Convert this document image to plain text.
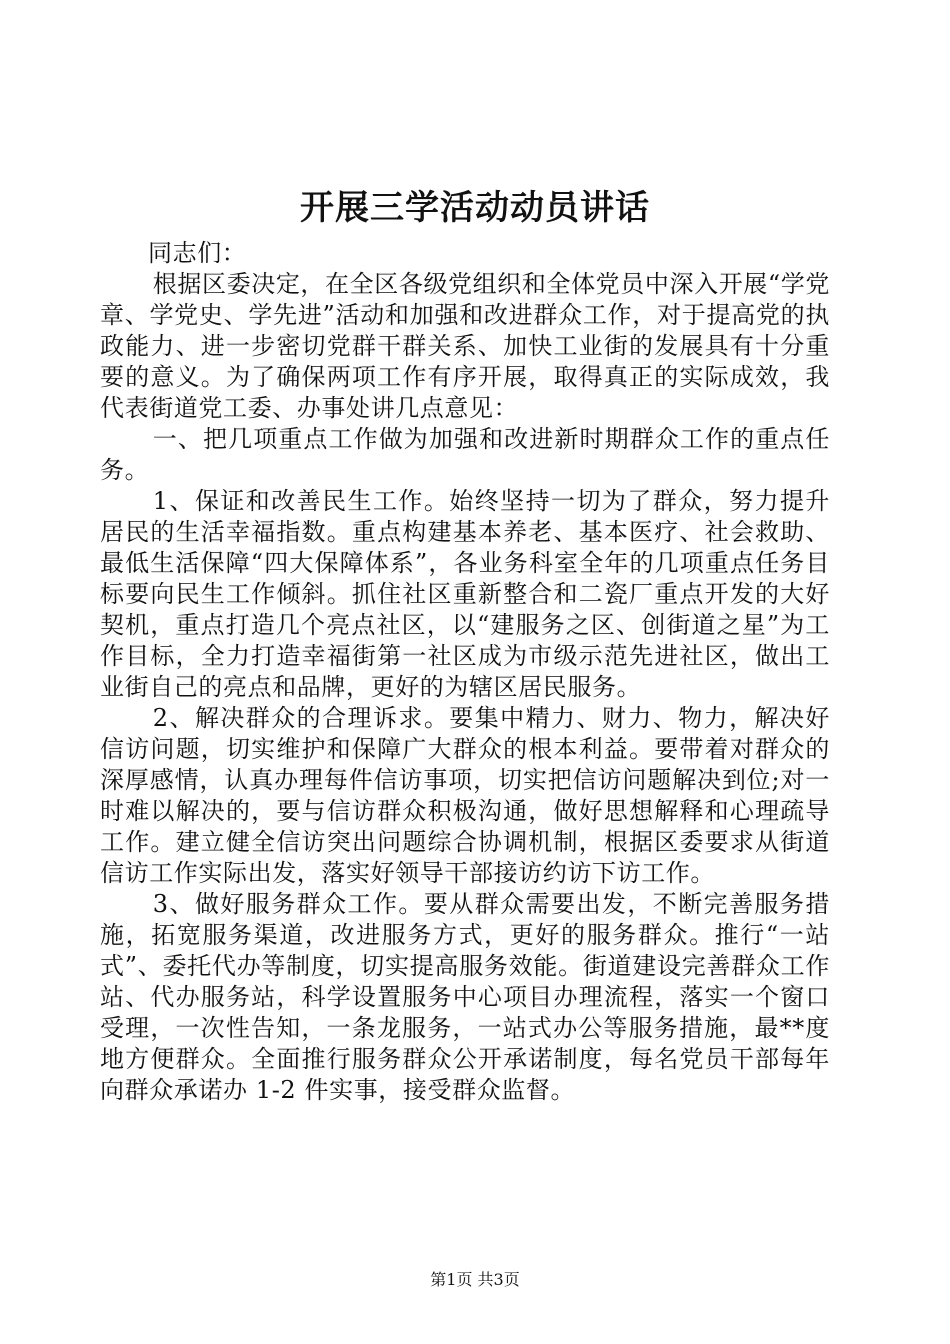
开展三学活动动员讲话

同志们：

根据区委决定，在全区各级党组织和全体党员中深入开展“学党章、学党史、学先进”活动和加强和改进群众工作，对于提高党的执政能力、进一步密切党群干群关系、加快工业街的发展具有十分重要的意义。为了确保两项工作有序开展，取得真正的实际成效，我代表街道党工委、办事处讲几点意见：

一、把几项重点工作做为加强和改进新时期群众工作的重点任务。

1、保证和改善民生工作。始终坚持一切为了群众，努力提升居民的生活幸福指数。重点构建基本养老、基本医疗、社会救助、最低生活保障“四大保障体系”，各业务科室全年的几项重点任务目标要向民生工作倾斜。抓住社区重新整合和二瓷厂重点开发的大好契机，重点打造几个亮点社区，以“建服务之区、创街道之星”为工作目标，全力打造幸福街第一社区成为市级示范先进社区，做出工业街自己的亮点和品牌，更好的为辖区居民服务。

2、解决群众的合理诉求。要集中精力、财力、物力，解决好信访问题，切实维护和保障广大群众的根本利益。要带着对群众的深厚感情，认真办理每件信访事项，切实把信访问题解决到位;对一时难以解决的，要与信访群众积极沟通，做好思想解释和心理疏导工作。建立健全信访突出问题综合协调机制，根据区委要求从街道信访工作实际出发，落实好领导干部接访约访下访工作。

3、做好服务群众工作。要从群众需要出发，不断完善服务措施，拓宽服务渠道，改进服务方式，更好的服务群众。推行“一站式”、委托代办等制度，切实提高服务效能。街道建设完善群众工作站、代办服务站，科学设置服务中心项目办理流程，落实一个窗口受理，一次性告知，一条龙服务，一站式办公等服务措施，最**度地方便群众。全面推行服务群众公开承诺制度，每名党员干部每年向群众承诺办 1-2 件实事，接受群众监督。

第1页 共3页
